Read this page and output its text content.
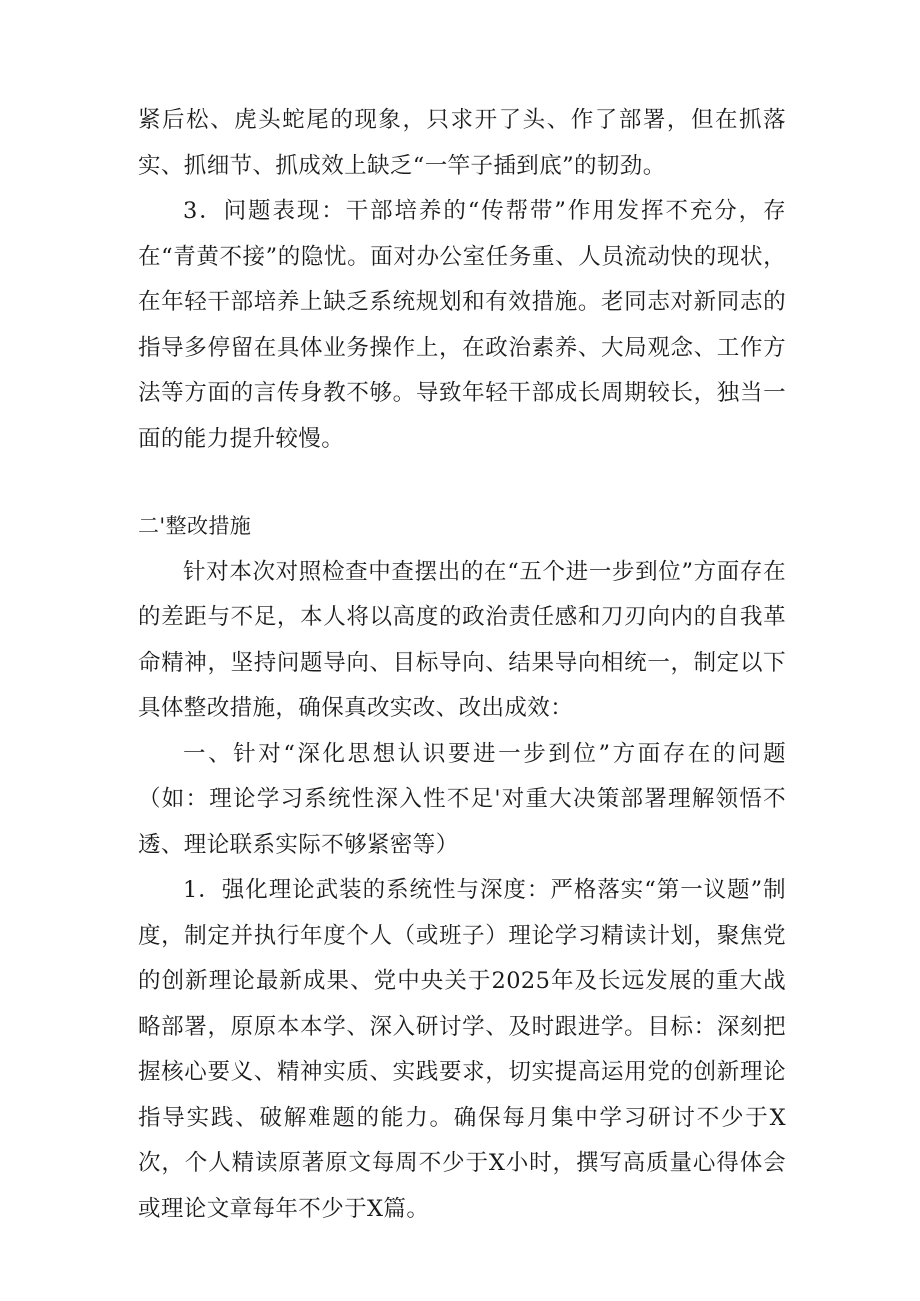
紧后松、虎头蛇尾的现象，只求开了头、作了部署，但在抓落实、抓细节、抓成效上缺乏“一竿子插到底”的韧劲。

3．问题表现：干部培养的“传帮带”作用发挥不充分，存在“青黄不接”的隐忧。面对办公室任务重、人员流动快的现状，在年轻干部培养上缺乏系统规划和有效措施。老同志对新同志的指导多停留在具体业务操作上，在政治素养、大局观念、工作方法等方面的言传身教不够。导致年轻干部成长周期较长，独当一面的能力提升较慢。

二'整改措施

针对本次对照检查中查摆出的在“五个进一步到位”方面存在的差距与不足，本人将以高度的政治责任感和刀刃向内的自我革命精神，坚持问题导向、目标导向、结果导向相统一，制定以下具体整改措施，确保真改实改、改出成效：

一、针对“深化思想认识要进一步到位”方面存在的问题（如：理论学习系统性深入性不足'对重大决策部署理解领悟不透、理论联系实际不够紧密等）

1．强化理论武装的系统性与深度：严格落实“第一议题”制度，制定并执行年度个人（或班子）理论学习精读计划，聚焦党的创新理论最新成果、党中央关于2025年及长远发展的重大战略部署，原原本本学、深入研讨学、及时跟进学。目标：深刻把握核心要义、精神实质、实践要求，切实提高运用党的创新理论指导实践、破解难题的能力。确保每月集中学习研讨不少于X次，个人精读原著原文每周不少于X小时，撰写高质量心得体会或理论文章每年不少于X篇。
